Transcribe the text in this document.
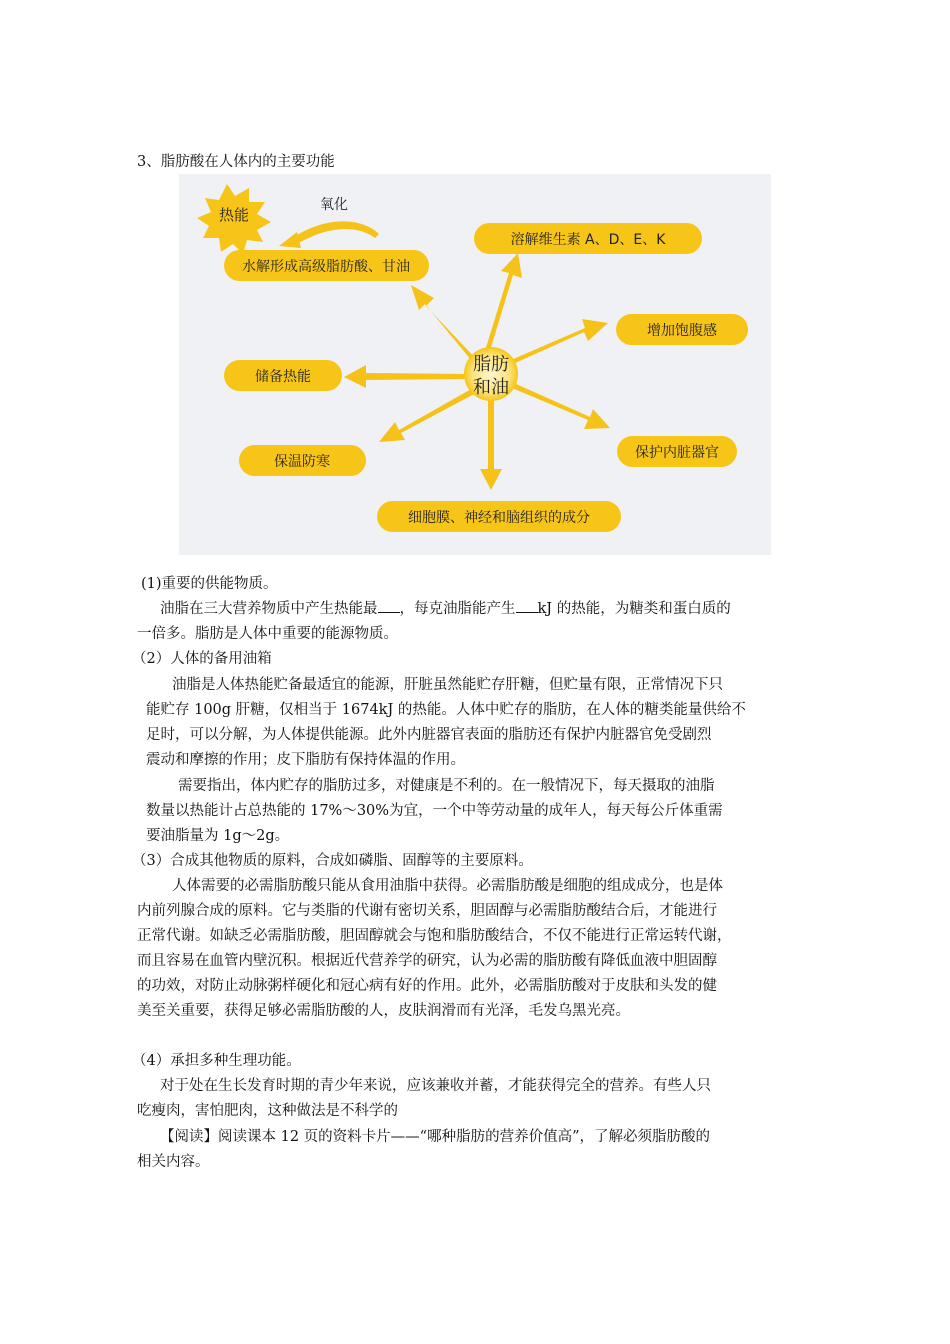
3、脂肪酸在人体内的主要功能
脂肪
和油
热能
氧化
水解形成高级脂肪酸、甘油
溶解维生素 A、D、E、K
增加饱腹感
储备热能
保护内脏器官
保温防寒
细胞膜、神经和脑组织的成分
(1)重要的供能物质。
油脂在三大营养物质中产生热能最 ，每克油脂能产生 kJ 的热能，为糖类和蛋白质的
一倍多。脂肪是人体中重要的能源物质。
（2）人体的备用油箱
油脂是人体热能贮备最适宜的能源，肝脏虽然能贮存肝糖，但贮量有限，正常情况下只
能贮存 100g 肝糖，仅相当于 1674kJ 的热能。人体中贮存的脂肪，在人体的糖类能量供给不
足时，可以分解，为人体提供能源。此外内脏器官表面的脂肪还有保护内脏器官免受剧烈
震动和摩擦的作用；皮下脂肪有保持体温的作用。
需要指出，体内贮存的脂肪过多，对健康是不利的。在一般情况下，每天摄取的油脂
数量以热能计占总热能的 17%～30%为宜，一个中等劳动量的成年人，每天每公斤体重需
要油脂量为 1g～2g。
（3）合成其他物质的原料，合成如磷脂、固醇等的主要原料。
人体需要的必需脂肪酸只能从食用油脂中获得。必需脂肪酸是细胞的组成成分，也是体
内前列腺合成的原料。它与类脂的代谢有密切关系，胆固醇与必需脂肪酸结合后，才能进行
正常代谢。如缺乏必需脂肪酸，胆固醇就会与饱和脂肪酸结合，不仅不能进行正常运转代谢，
而且容易在血管内壁沉积。根据近代营养学的研究，认为必需的脂肪酸有降低血液中胆固醇
的功效，对防止动脉粥样硬化和冠心病有好的作用。此外，必需脂肪酸对于皮肤和头发的健
美至关重要，获得足够必需脂肪酸的人，皮肤润滑而有光泽，毛发乌黑光亮。
（4）承担多种生理功能。
对于处在生长发育时期的青少年来说，应该兼收并蓄，才能获得完全的营养。有些人只
吃瘦肉，害怕肥肉，这种做法是不科学的
【阅读】阅读课本 12 页的资料卡片——“哪种脂肪的营养价值高”，了解必须脂肪酸的
相关内容。
